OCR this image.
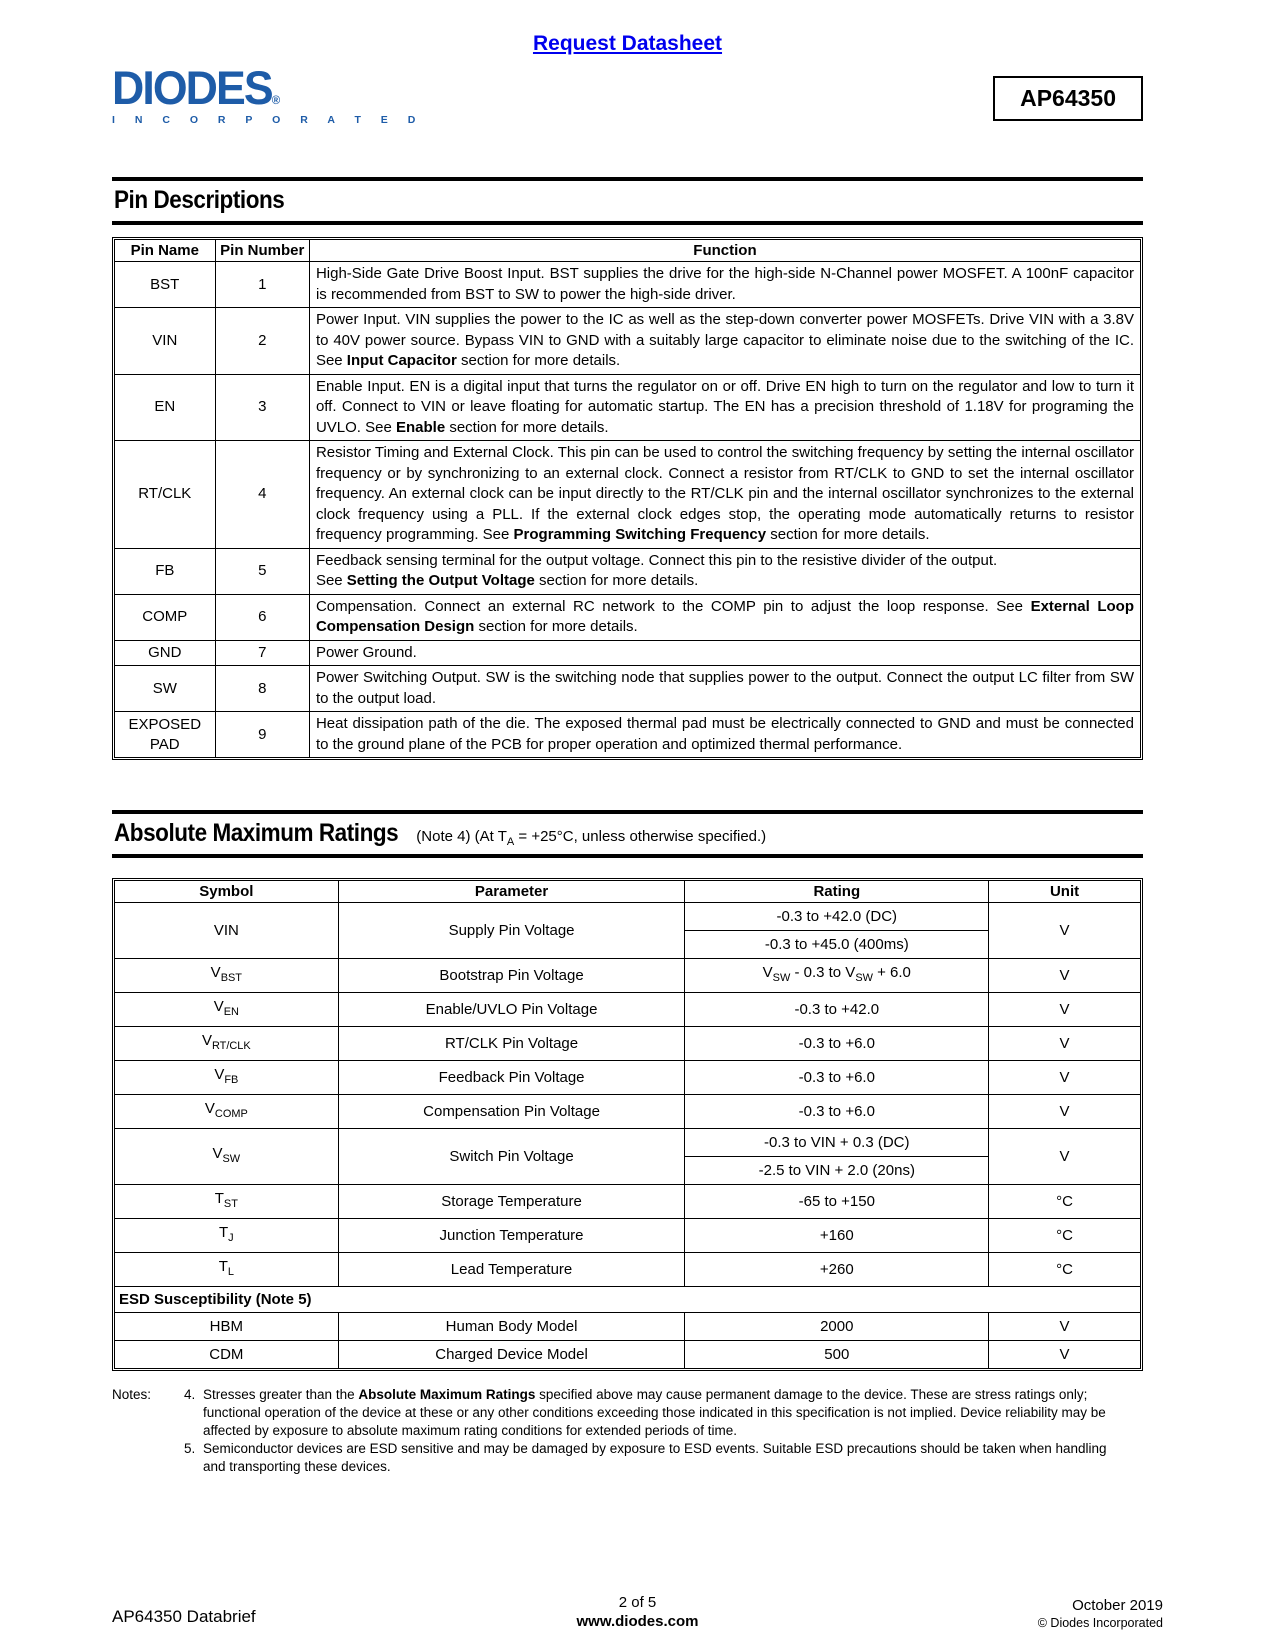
Request Datasheet
DIODES®
I N C O R P O R A T E D
AP64350
Pin Descriptions
Pin Name	Pin Number	Function
BST	1	High-Side Gate Drive Boost Input. BST supplies the drive for the high-side N-Channel power MOSFET. A 100nF capacitor is recommended from BST to SW to power the high-side driver.
VIN	2	Power Input. VIN supplies the power to the IC as well as the step-down converter power MOSFETs. Drive VIN with a 3.8V to 40V power source. Bypass VIN to GND with a suitably large capacitor to eliminate noise due to the switching of the IC. See Input Capacitor section for more details.
EN	3	Enable Input. EN is a digital input that turns the regulator on or off. Drive EN high to turn on the regulator and low to turn it off. Connect to VIN or leave floating for automatic startup. The EN has a precision threshold of 1.18V for programing the UVLO. See Enable section for more details.
RT/CLK	4	Resistor Timing and External Clock. This pin can be used to control the switching frequency by setting the internal oscillator frequency or by synchronizing to an external clock. Connect a resistor from RT/CLK to GND to set the internal oscillator frequency. An external clock can be input directly to the RT/CLK pin and the internal oscillator synchronizes to the external clock frequency using a PLL. If the external clock edges stop, the operating mode automatically returns to resistor frequency programming. See Programming Switching Frequency section for more details.
FB	5	Feedback sensing terminal for the output voltage. Connect this pin to the resistive divider of the output.
See Setting the Output Voltage section for more details.
COMP	6	Compensation. Connect an external RC network to the COMP pin to adjust the loop response. See External Loop Compensation Design section for more details.
GND	7	Power Ground.
SW	8	Power Switching Output. SW is the switching node that supplies power to the output. Connect the output LC filter from SW to the output load.
EXPOSED PAD	9	Heat dissipation path of the die. The exposed thermal pad must be electrically connected to GND and must be connected to the ground plane of the PCB for proper operation and optimized thermal performance.
Absolute Maximum Ratings (Note 4) (At $T_A = +25^\circ C$, unless otherwise specified.)
Symbol	Parameter	Rating	Unit
VIN	Supply Pin Voltage	-0.3 to +42.0 (DC)	V
		-0.3 to +45.0 (400ms)	
$V_{BST}$	Bootstrap Pin Voltage	$V_{SW} - 0.3$ to $V_{SW} + 6.0$	V
$V_{EN}$	Enable/UVLO Pin Voltage	-0.3 to +42.0	V
$V_{RT/CLK}$	RT/CLK Pin Voltage	-0.3 to +6.0	V
$V_{FB}$	Feedback Pin Voltage	-0.3 to +6.0	V
$V_{COMP}$	Compensation Pin Voltage	-0.3 to +6.0	V
$V_{SW}$	Switch Pin Voltage	-0.3 to VIN + 0.3 (DC)	V
		-2.5 to VIN + 2.0 (20ns)	
$T_{ST}$	Storage Temperature	-65 to +150	°C
$T_J$	Junction Temperature	+160	°C
$T_L$	Lead Temperature	+260	°C
ESD Susceptibility (Note 5)			
HBM	Human Body Model	2000	V
CDM	Charged Device Model	500	V
Notes:	4. Stresses greater than the Absolute Maximum Ratings specified above may cause permanent damage to the device. These are stress ratings only; functional operation of the device at these or any other conditions exceeding those indicated in this specification is not implied. Device reliability may be affected by exposure to absolute maximum rating conditions for extended periods of time.
5. Semiconductor devices are ESD sensitive and may be damaged by exposure to ESD events. Suitable ESD precautions should be taken when handling and transporting these devices.
AP64350 Databrief
2 of 5
www.diodes.com
October 2019
© Diodes Incorporated
